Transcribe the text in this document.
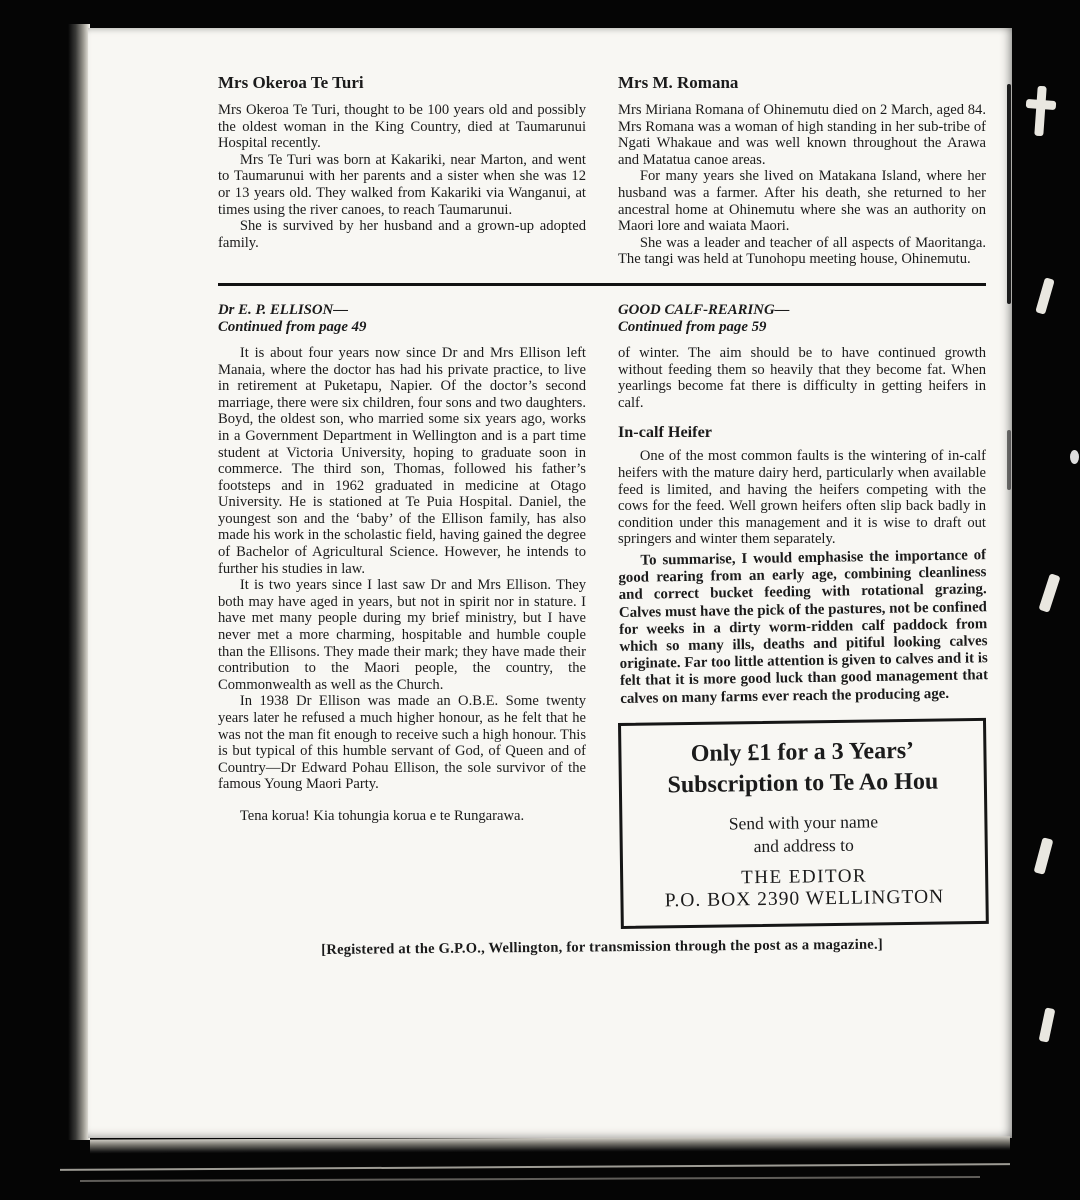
Mrs Okeroa Te Turi

Mrs Okeroa Te Turi, thought to be 100 years old and possibly the oldest woman in the King Country, died at Taumarunui Hospital recently.

Mrs Te Turi was born at Kakariki, near Marton, and went to Taumarunui with her parents and a sister when she was 12 or 13 years old. They walked from Kakariki via Wanganui, at times using the river canoes, to reach Taumarunui.

She is survived by her husband and a grown-up adopted family.

Mrs M. Romana

Mrs Miriana Romana of Ohinemutu died on 2 March, aged 84. Mrs Romana was a woman of high standing in her sub-tribe of Ngati Whakaue and was well known throughout the Arawa and Matatua canoe areas.

For many years she lived on Matakana Island, where her husband was a farmer. After his death, she returned to her ancestral home at Ohinemutu where she was an authority on Maori lore and waiata Maori.

She was a leader and teacher of all aspects of Maoritanga. The tangi was held at Tunohopu meeting house, Ohinemutu.

Dr E. P. ELLISON—
Continued from page 49

It is about four years now since Dr and Mrs Ellison left Manaia, where the doctor has had his private practice, to live in retirement at Puketapu, Napier. Of the doctor’s second marriage, there were six children, four sons and two daughters. Boyd, the oldest son, who married some six years ago, works in a Government Department in Wellington and is a part time student at Victoria University, hoping to graduate soon in commerce. The third son, Thomas, followed his father’s footsteps and in 1962 graduated in medicine at Otago University. He is stationed at Te Puia Hospital. Daniel, the youngest son and the ‘baby’ of the Ellison family, has also made his work in the scholastic field, having gained the degree of Bachelor of Agricultural Science. However, he intends to further his studies in law.

It is two years since I last saw Dr and Mrs Ellison. They both may have aged in years, but not in spirit nor in stature. I have met many people during my brief ministry, but I have never met a more charming, hospitable and humble couple than the Ellisons. They made their mark; they have made their contribution to the Maori people, the country, the Commonwealth as well as the Church.

In 1938 Dr Ellison was made an O.B.E. Some twenty years later he refused a much higher honour, as he felt that he was not the man fit enough to receive such a high honour. This is but typical of this humble servant of God, of Queen and of Country—Dr Edward Pohau Ellison, the sole survivor of the famous Young Maori Party.

Tena korua! Kia tohungia korua e te Rungarawa.

GOOD CALF-REARING—
Continued from page 59

of winter. The aim should be to have continued growth without feeding them so heavily that they become fat. When yearlings become fat there is difficulty in getting heifers in calf.

In-calf Heifer

One of the most common faults is the wintering of in-calf heifers with the mature dairy herd, particularly when available feed is limited, and having the heifers competing with the cows for the feed. Well grown heifers often slip back badly in condition under this management and it is wise to draft out springers and winter them separately.

To summarise, I would emphasise the importance of good rearing from an early age, combining cleanliness and correct bucket feeding with rotational grazing. Calves must have the pick of the pastures, not be confined for weeks in a dirty worm-ridden calf paddock from which so many ills, deaths and pitiful looking calves originate. Far too little attention is given to calves and it is felt that it is more good luck than good management that calves on many farms ever reach the producing age.

Only £1 for a 3 Years’
Subscription to Te Ao Hou
Send with your name
and address to
THE EDITOR
P.O. BOX 2390 WELLINGTON
[Registered at the G.P.O., Wellington, for transmission through the post as a magazine.]
